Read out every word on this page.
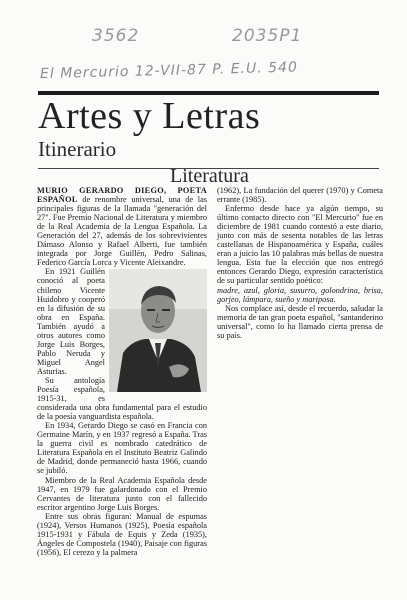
3562	2035P1
El Mercurio 12-VII-87 P. E.U. 540
Artes y Letras
Itinerario
Literatura

MURIO GERARDO DIEGO, POETA ESPAÑOL de renombre universal, una de las principales figuras de la llamada "generación del 27". Fue Premio Nacional de Literatura y miembro de la Real Academia de la Lengua Española. La Generación del 27, además de los sobrevivientes Dámaso Alonso y Rafael Alberti, fue también integrada por Jorge Guillén, Pedro Salinas, Federico García Lorca y Vicente Aleixandre.

En 1921 Guillén conoció al poeta chileno Vicente Huidobro y cooperó en la difusión de su obra en España. También ayudó a otros autores como Jorge Luis Borges, Pablo Neruda y Miguel Angel Asturias.

Su antología Poesía española, 1915-31, es considerada una obra fundamental para el estudio de la poesía vanguardista española.

En 1934, Gerardo Diego se casó en Francia con Germaine Marín, y en 1937 regresó a España. Tras la guerra civil es nombrado catedrático de Literatura Española en el Instituto Beatriz Galindo de Madrid, donde permaneció hasta 1966, cuando se jubiló.

Miembro de la Real Academia Española desde 1947, en 1979 fue galardonado con el Premio Cervantes de literatura junto con el fallecido escritor argentino Jorge Luis Borges.

Entre sus obras figuran: Manual de espumas (1924), Versos Humanos (1925), Poesía española 1915-1931 y Fábula de Equis y Zeda (1935), Ángeles de Compostela (1940), Paisaje con figuras (1956), El cerezo y la palmera

(1962), La fundación del querer (1970) y Cometa errante (1985).

Enfermo desde hace ya algún tiempo, su último contacto directo con "El Mercurio" fue en diciembre de 1981 cuando contestó a este diario, junto con más de sesenta notables de las letras castellanas de Hispanoamérica y España, cuáles eran a juicio las 10 palabras más bellas de nuestra lengua. Esta fue la elección que nos entregó entonces Gerardo Diego, expresión característica de su particular sentido poético:

madre, azul, gloria, susurro, golondrina, brisa, gorjeo, lámpara, sueño y mariposa.

Nos complace así, desde el recuerdo, saludar la memoria de tan gran poeta español, "santanderino universal", como lo ha llamado cierta prensa de su país.
